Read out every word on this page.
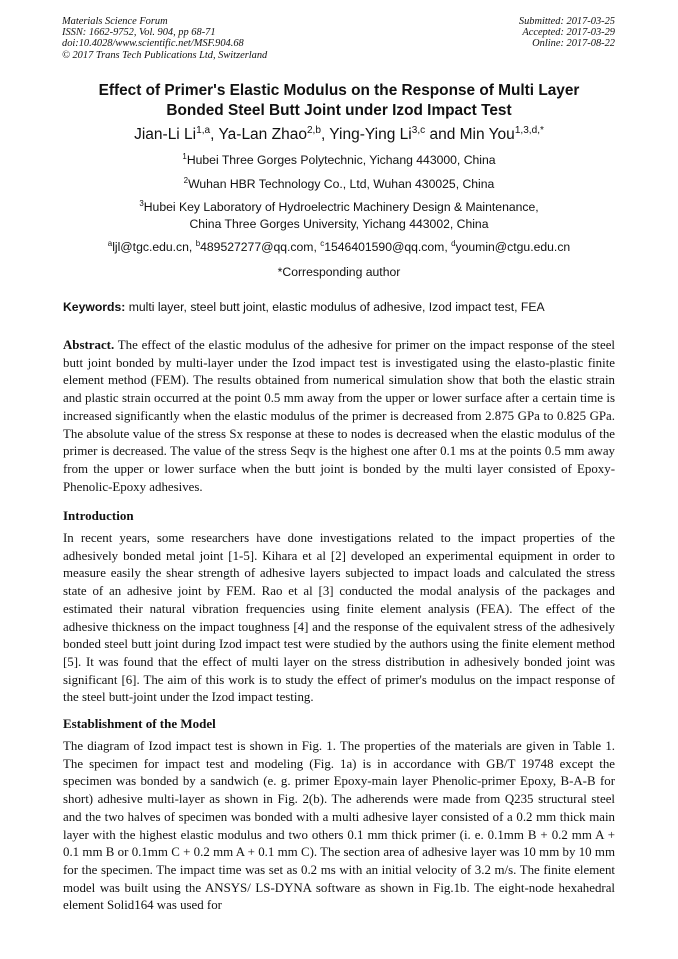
Materials Science Forum
ISSN: 1662-9752, Vol. 904, pp 68-71
doi:10.4028/www.scientific.net/MSF.904.68
© 2017 Trans Tech Publications Ltd, Switzerland
Submitted: 2017-03-25
Accepted: 2017-03-29
Online: 2017-08-22
Effect of Primer's Elastic Modulus on the Response of Multi Layer
Bonded Steel Butt Joint under Izod Impact Test
Jian-Li Li$^{1,a}$, Ya-Lan Zhao$^{2,b}$, Ying-Ying Li$^{3,c}$ and Min You$^{1,3,d,*}$
$^1$Hubei Three Gorges Polytechnic, Yichang 443000, China
$^2$Wuhan HBR Technology Co., Ltd, Wuhan 430025, China
$^3$Hubei Key Laboratory of Hydroelectric Machinery Design & Maintenance,
China Three Gorges University, Yichang 443002, China
$^a$ljl@tgc.edu.cn, $^b$489527277@qq.com, $^c$1546401590@qq.com, $^d$youmin@ctgu.edu.cn
*Corresponding author
Keywords: multi layer, steel butt joint, elastic modulus of adhesive, Izod impact test, FEA
Abstract. The effect of the elastic modulus of the adhesive for primer on the impact response of the steel butt joint bonded by multi-layer under the Izod impact test is investigated using the elasto-plastic finite element method (FEM). The results obtained from numerical simulation show that both the elastic strain and plastic strain occurred at the point 0.5 mm away from the upper or lower surface after a certain time is increased significantly when the elastic modulus of the primer is decreased from 2.875 GPa to 0.825 GPa. The absolute value of the stress Sx response at these to nodes is decreased when the elastic modulus of the primer is decreased. The value of the stress Seqv is the highest one after 0.1 ms at the points 0.5 mm away from the upper or lower surface when the butt joint is bonded by the multi layer consisted of Epoxy-Phenolic-Epoxy adhesives.
Introduction
In recent years, some researchers have done investigations related to the impact properties of the adhesively bonded metal joint [1-5]. Kihara et al [2] developed an experimental equipment in order to measure easily the shear strength of adhesive layers subjected to impact loads and calculated the stress state of an adhesive joint by FEM. Rao et al [3] conducted the modal analysis of the packages and estimated their natural vibration frequencies using finite element analysis (FEA). The effect of the adhesive thickness on the impact toughness [4] and the response of the equivalent stress of the adhesively bonded steel butt joint during Izod impact test were studied by the authors using the finite element method [5]. It was found that the effect of multi layer on the stress distribution in adhesively bonded joint was significant [6]. The aim of this work is to study the effect of primer's modulus on the impact response of the steel butt-joint under the Izod impact testing.
Establishment of the Model
The diagram of Izod impact test is shown in Fig. 1. The properties of the materials are given in Table 1. The specimen for impact test and modeling (Fig. 1a) is in accordance with GB/T 19748 except the specimen was bonded by a sandwich (e. g. primer Epoxy-main layer Phenolic-primer Epoxy, B-A-B for short) adhesive multi-layer as shown in Fig. 2(b). The adherends were made from Q235 structural steel and the two halves of specimen was bonded with a multi adhesive layer consisted of a 0.2 mm thick main layer with the highest elastic modulus and two others 0.1 mm thick primer (i. e. 0.1mm B + 0.2 mm A + 0.1 mm B or 0.1mm C + 0.2 mm A + 0.1 mm C). The section area of adhesive layer was 10 mm by 10 mm for the specimen. The impact time was set as 0.2 ms with an initial velocity of 3.2 m/s. The finite element model was built using the ANSYS/ LS-DYNA software as shown in Fig.1b. The eight-node hexahedral element Solid164 was used for
